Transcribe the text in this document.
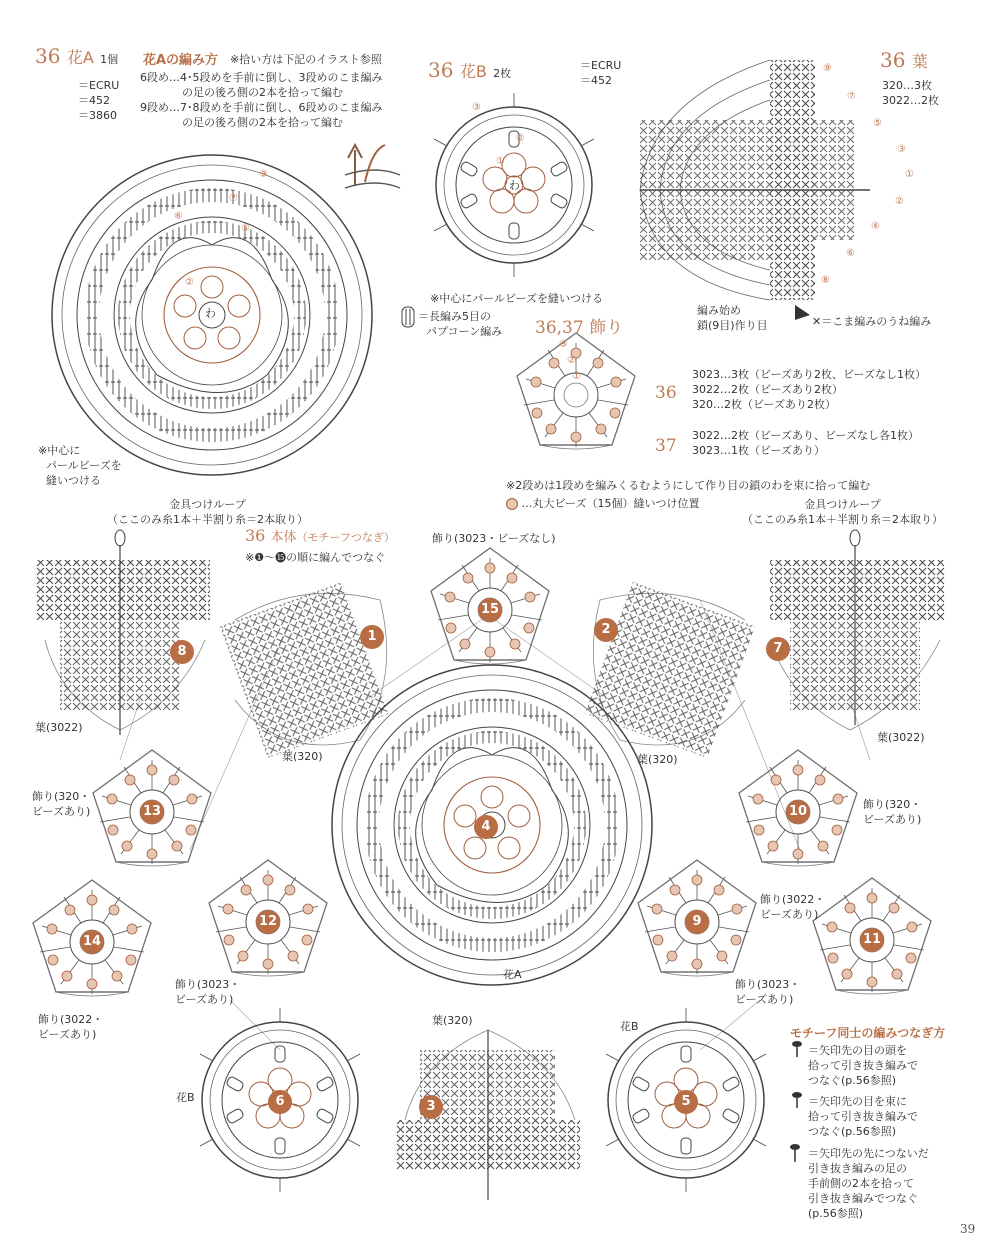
36 花A 1個
＝ECRU
＝452
＝3860
花Aの編み方 ※拾い方は下記のイラスト参照
6段め…4･5段めを手前に倒し、3段めのこま編み
の足の後ろ側の2本を拾って編む
9段め…7･8段めを手前に倒し、6段めのこま編み
の足の後ろ側の2本を拾って編む
わ
②
⑤
⑥
⑦
⑨
※中心に
パールビーズを
縫いつける
36 花B 2枚
＝ECRU
＝452
わ
①
②
③
※中心にパールビーズを縫いつける
＝長編み5目の
パプコーン編み
36 葉
320…3枚
3022…2枚
⑨
⑦
⑤
③
①
②
④
⑥
⑧
編み始め
鎖(9目)作り目	✕＝こま編みのうね編み
36,37 飾り
③
②
①
36
3023…3枚（ビーズあり2枚、ビーズなし1枚）
3022…2枚（ビーズあり2枚）
320…2枚（ビーズあり2枚）
37
3022…2枚（ビーズあり、ビーズなし各1枚）
3023…1枚（ビーズあり）
※2段めは1段めを編みくるむようにして作り目の鎖のわを束に拾って編む
…丸大ビーズ（15個）縫いつけ位置
金具つけループ
（ここのみ糸1本＋半割り糸＝2本取り）
金具つけループ
（ここのみ糸1本＋半割り糸＝2本取り）
36 本体（モチーフつなぎ）
※❶〜⓯の順に編んでつなぐ
飾り(3023・ビーズなし)
1	2
3
4
5
6
7
8
9
10
11
12
13
14
15
葉(3022)
葉(320)	葉(320)
葉(3022)
飾り(320・
ビーズあり)
飾り(320・
ビーズあり)
飾り(3022・
ビーズあり)
飾り(3023・
ビーズあり)
飾り(3023・
ビーズあり)
飾り(3022・
ビーズあり)
花A
葉(320)
花B
花B	モチーフ同士の編みつなぎ方
＝矢印先の目の頭を
拾って引き抜き編みで
つなぐ(p.56参照)
＝矢印先の目を束に
拾って引き抜き編みで
つなぐ(p.56参照)
＝矢印先の先につないだ
引き抜き編みの足の
手前側の2本を拾って
引き抜き編みでつなぐ
(p.56参照)
39
